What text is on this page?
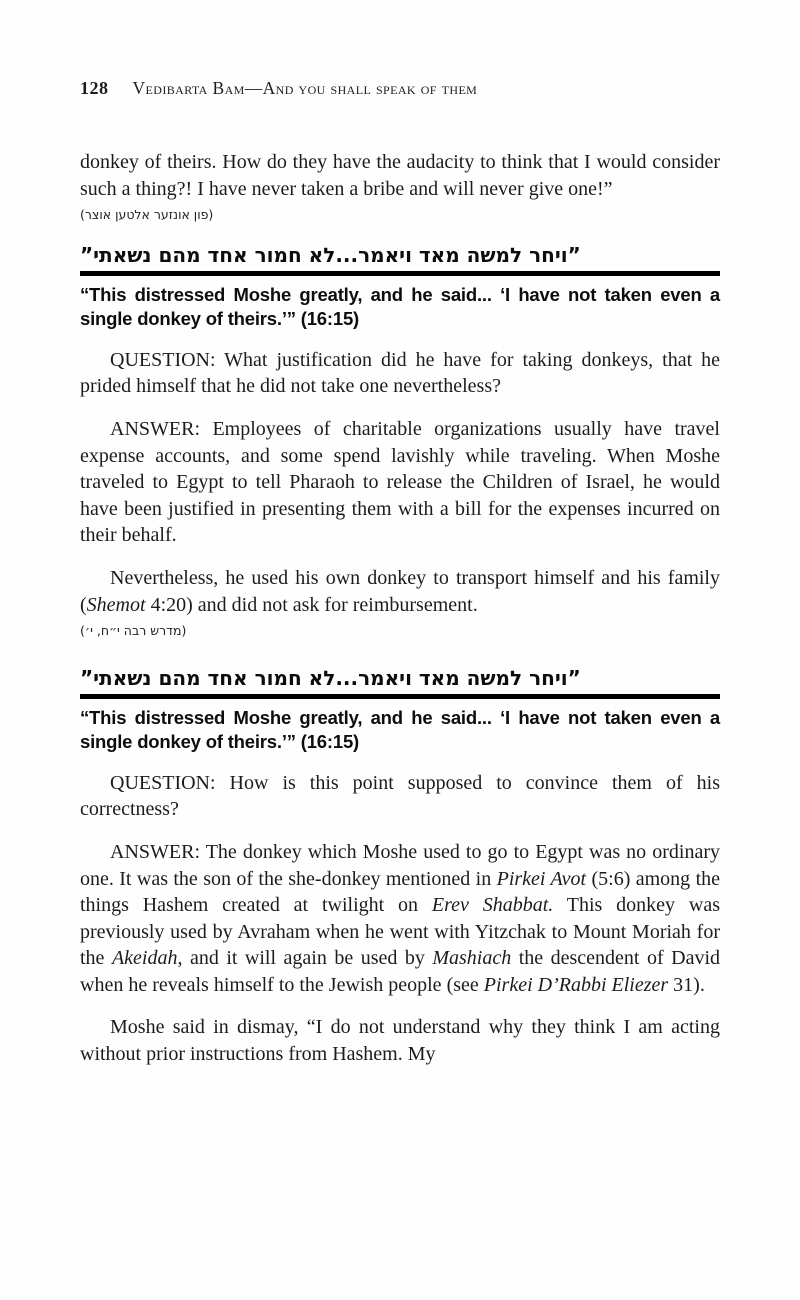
128 Vedibarta Bam—And you shall speak of them

donkey of theirs. How do they have the audacity to think that I would consider such a thing?! I have never taken a bribe and will never give one!”

(פון אונזער אלטען אוצר)

”ויחר למשה מאד ויאמר...לא חמור אחד מהם נשאתי”
“This distressed Moshe greatly, and he said... ‘I have not taken even a single donkey of theirs.’” (16:15)

QUESTION: What justification did he have for taking donkeys, that he prided himself that he did not take one nevertheless?

ANSWER: Employees of charitable organizations usually have travel expense accounts, and some spend lavishly while traveling. When Moshe traveled to Egypt to tell Pharaoh to release the Children of Israel, he would have been justified in presenting them with a bill for the expenses incurred on their behalf.

Nevertheless, he used his own donkey to transport himself and his family (Shemot 4:20) and did not ask for reimbursement.

(מדרש רבה י״ח, י׳)

”ויחר למשה מאד ויאמר...לא חמור אחד מהם נשאתי”
“This distressed Moshe greatly, and he said... ‘I have not taken even a single donkey of theirs.’” (16:15)

QUESTION: How is this point supposed to convince them of his correctness?

ANSWER: The donkey which Moshe used to go to Egypt was no ordinary one. It was the son of the she-donkey mentioned in Pirkei Avot (5:6) among the things Hashem created at twilight on Erev Shabbat. This donkey was previously used by Avraham when he went with Yitzchak to Mount Moriah for the Akeidah, and it will again be used by Mashiach the descendent of David when he reveals himself to the Jewish people (see Pirkei D’Rabbi Eliezer 31).

Moshe said in dismay, “I do not understand why they think I am acting without prior instructions from Hashem. My
